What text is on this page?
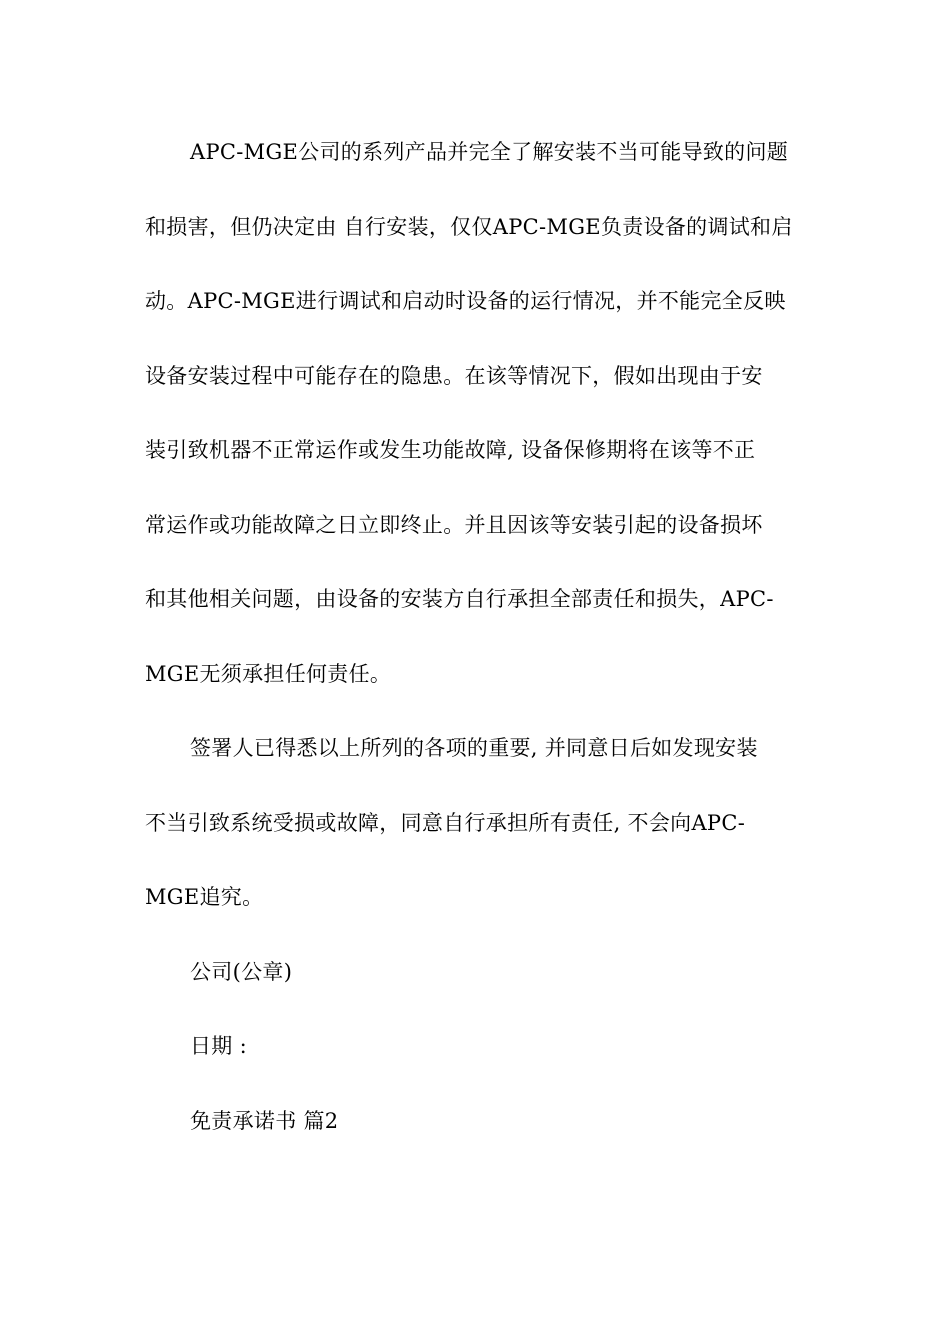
APC-MGE公司的系列产品并完全了解安装不当可能导致的问题
和损害，但仍决定由 自行安装，仅仅APC-MGE负责设备的调试和启
动。APC-MGE进行调试和启动时设备的运行情况，并不能完全反映
设备安装过程中可能存在的隐患。在该等情况下，假如出现由于安
装引致机器不正常运作或发生功能故障, 设备保修期将在该等不正
常运作或功能故障之日立即终止。并且因该等安装引起的设备损坏
和其他相关问题，由设备的安装方自行承担全部责任和损失，APC-
MGE无须承担任何责任。
签署人已得悉以上所列的各项的重要, 并同意日后如发现安装
不当引致系统受损或故障，同意自行承担所有责任, 不会向APC-
MGE追究。
公司(公章)
日期 :
免责承诺书 篇2
